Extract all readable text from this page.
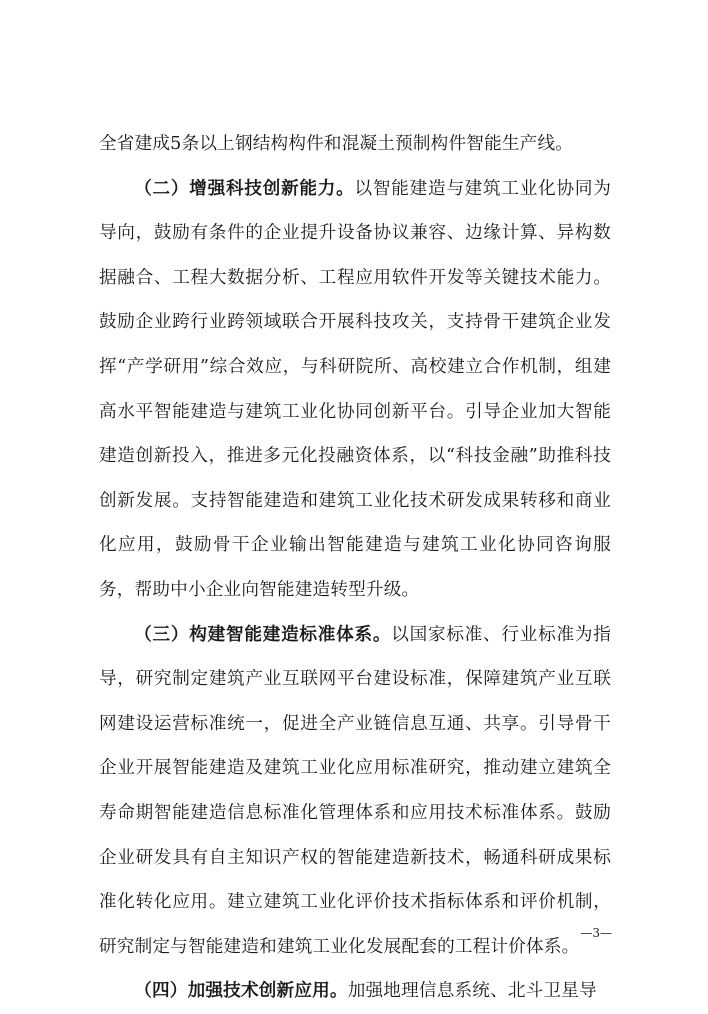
全省建成5条以上钢结构构件和混凝土预制构件智能生产线。

（二）增强科技创新能力。以智能建造与建筑工业化协同为导向，鼓励有条件的企业提升设备协议兼容、边缘计算、异构数据融合、工程大数据分析、工程应用软件开发等关键技术能力。鼓励企业跨行业跨领域联合开展科技攻关，支持骨干建筑企业发挥“产学研用”综合效应，与科研院所、高校建立合作机制，组建高水平智能建造与建筑工业化协同创新平台。引导企业加大智能建造创新投入，推进多元化投融资体系，以“科技金融”助推科技创新发展。支持智能建造和建筑工业化技术研发成果转移和商业化应用，鼓励骨干企业输出智能建造与建筑工业化协同咨询服务，帮助中小企业向智能建造转型升级。

（三）构建智能建造标准体系。以国家标准、行业标准为指导，研究制定建筑产业互联网平台建设标准，保障建筑产业互联网建设运营标准统一，促进全产业链信息互通、共享。引导骨干企业开展智能建造及建筑工业化应用标准研究，推动建立建筑全寿命期智能建造信息标准化管理体系和应用技术标准体系。鼓励企业研发具有自主知识产权的智能建造新技术，畅通科研成果标准化转化应用。建立建筑工业化评价技术指标体系和评价机制，研究制定与智能建造和建筑工业化发展配套的工程计价体系。

（四）加强技术创新应用。加强地理信息系统、北斗卫星导

—3—
